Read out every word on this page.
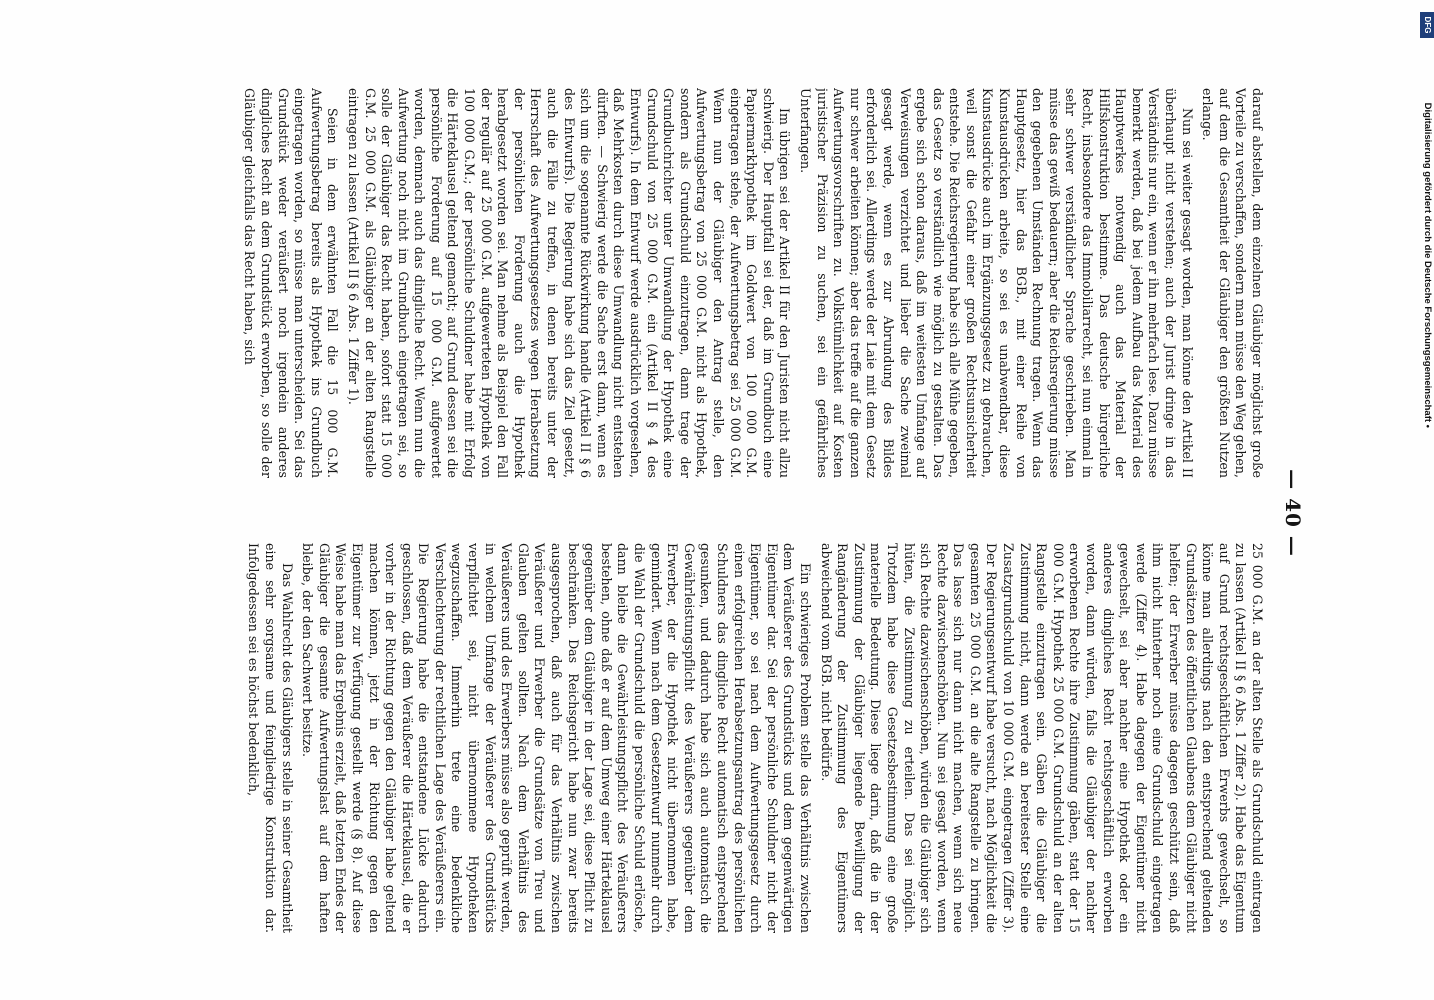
— 40 —

darauf abstellen, dem einzelnen Gläubiger möglichst große Vorteile zu verschaffen, sondern man müsse den Weg gehen, auf dem die Gesamtheit der Gläubiger den größten Nutzen erlange.

Nun sei weiter gesagt worden, man könne den Artikel II überhaupt nicht verstehen; auch der Jurist dringe in das Verständnis nur ein, wenn er ihn mehrfach lese. Dazu müsse bemerkt werden, daß bei jedem Aufbau das Material des Hauptwerkes notwendig auch das Material der Hilfskonstruktion bestimme. Das deutsche bürgerliche Recht, insbesondere das Immobiliarrecht, sei nun einmal in sehr schwer verständlicher Sprache geschrieben. Man müsse das gewiß bedauern; aber die Reichsregierung müsse den gegebenen Umständen Rechnung tragen. Wenn das Hauptgesetz, hier das BGB., mit einer Reihe von Kunstausdrücken arbeite, so sei es unabwendbar, diese Kunstausdrücke auch im Ergänzungsgesetz zu gebrauchen, weil sonst die Gefahr einer großen Rechtsunsicherheit entstehe. Die Reichsregierung habe sich alle Mühe gegeben, das Gesetz so verständlich wie möglich zu gestalten. Das ergebe sich schon daraus, daß im weitesten Umfange auf Verweisungen verzichtet und lieber die Sache zweimal gesagt werde, wenn es zur Abrundung des Bildes erforderlich sei. Allerdings werde der Laie mit dem Gesetz nur schwer arbeiten können; aber das treffe auf die ganzen Aufwertungsvorschriften zu. Volkstümlichkeit auf Kosten juristischer Präzision zu suchen, sei ein gefährliches Unterfangen.

Im übrigen sei der Artikel II für den Juristen nicht allzu schwierig. Der Hauptfall sei der, daß im Grundbuch eine Papiermarkhypothek im Goldwert von 100 000 G.M. eingetragen stehe, der Aufwertungsbetrag sei 25 000 G.M. Wenn nun der Gläubiger den Antrag stelle, den Aufwertungsbetrag von 25 000 G.M. nicht als Hypothek, sondern als Grundschuld einzutragen, dann trage der Grundbuchrichter unter Umwandlung der Hypothek eine Grundschuld von 25 000 G.M. ein (Artikel II § 4 des Entwurfs). In dem Entwurf werde ausdrücklich vorgesehen, daß Mehrkosten durch diese Umwandlung nicht entstehen dürften. — Schwierig werde die Sache erst dann, wenn es sich um die sogenannte Rückwirkung handle (Artikel II § 6 des Entwurfs). Die Regierung habe sich das Ziel gesetzt, auch die Fälle zu treffen, in denen bereits unter der Herrschaft des Aufwertungsgesetzes wegen Herabsetzung der persönlichen Forderung auch die Hypothek herabgesetzt worden sei. Man nehme als Beispiel den Fall der regulär auf 25 000 G.M. aufgewerteten Hypothek von 100 000 G.M.; der persönliche Schuldner habe mit Erfolg die Härteklausel geltend gemacht; auf Grund dessen sei die persönliche Forderung auf 15 000 G.M. aufgewertet worden, demnach auch das dingliche Recht. Wenn nun die Aufwertung noch nicht im Grundbuch eingetragen sei, so solle der Gläubiger das Recht haben, sofort statt 15 000 G.M. 25 000 G.M. als Gläubiger an der alten Rangstelle eintragen zu lassen (Artikel II § 6 Abs. 1 Ziffer 1).

Seien in dem erwähnten Fall die 15 000 G.M. Aufwertungsbetrag bereits als Hypothek ins Grundbuch eingetragen worden, so müsse man unterscheiden. Sei das Grundstück weder veräußert noch irgendein anderes dingliches Recht an dem Grundstück erworben, so solle der Gläubiger gleichfalls das Recht haben, sich

25 000 G.M. an der alten Stelle als Grundschuld eintragen zu lassen (Artikel II § 6 Abs. 1 Ziffer 2). Habe das Eigentum auf Grund rechtsgeschäftlichen Erwerbs gewechselt, so könne man allerdings nach den entsprechend geltenden Grundsätzen des öffentlichen Glaubens dem Gläubiger nicht helfen; der Erwerber müsse dagegen geschützt sein, daß ihm nicht hinterher noch eine Grundschuld eingetragen werde (Ziffer 4). Habe dagegen der Eigentümer nicht gewechselt, sei aber nachher eine Hypothek oder ein anderes dingliches Recht rechtsgeschäftlich erworben worden, dann würden, falls die Gläubiger der nachher erworbenen Rechte ihre Zustimmung gäben, statt der 15 000 G.M. Hypothek 25 000 G.M. Grundschuld an der alten Rangstelle einzutragen sein. Gäben die Gläubiger die Zustimmung nicht, dann werde an bereitester Stelle eine Zusatzgrundschuld von 10 000 G.M. eingetragen (Ziffer 3). Der Regierungsentwurf habe versucht, nach Möglichkeit die gesamten 25 000 G.M. an die alte Rangstelle zu bringen. Das lasse sich nur dann nicht machen, wenn sich neue Rechte dazwischenschöben. Nun sei gesagt worden, wenn sich Rechte dazwischenschöben, würden die Gläubiger sich hüten, die Zustimmung zu erteilen. Das sei möglich. Trotzdem habe diese Gesetzesbestimmung eine große materielle Bedeutung. Diese liege darin, daß die in der Zustimmung der Gläubiger liegende Bewilligung der Rangänderung der Zustimmung des Eigentümers abweichend vom BGB. nicht bedürfe.

Ein schwieriges Problem stelle das Verhältnis zwischen dem Veräußerer des Grundstücks und dem gegenwärtigen Eigentümer dar. Sei der persönliche Schuldner nicht der Eigentümer, so sei nach dem Aufwertungsgesetz durch einen erfolgreichen Herabsetzungsantrag des persönlichen Schuldners das dingliche Recht automatisch entsprechend gesunken, und dadurch habe sich auch automatisch die Gewährleistungspflicht des Veräußerers gegenüber dem Erwerber, der die Hypothek nicht übernommen habe, gemindert. Wenn nach dem Gesetzentwurf nunmehr durch die Wahl der Grundschuld die persönliche Schuld erlösche, dann bleibe die Gewährleistungspflicht des Veräußerers bestehen, ohne daß er auf dem Umweg einer Härteklausel gegenüber dem Gläubiger in der Lage sei, diese Pflicht zu beschränken. Das Reichsgericht habe nun zwar bereits ausgesprochen, daß auch für das Verhältnis zwischen Veräußerer und Erwerber die Grundsätze von Treu und Glauben gelten sollten. Nach dem Verhältnis des Veräußerers und des Erwerbers müsse also geprüft werden, in welchem Umfange der Veräußerer des Grundstücks verpflichtet sei, nicht übernommene Hypotheken wegzuschaffen. Immerhin trete eine bedenkliche Verschlechterung der rechtlichen Lage des Veräußerers ein. Die Regierung habe die entstandene Lücke dadurch geschlossen, daß dem Veräußerer die Härteklausel, die er vorher in der Richtung gegen den Gläubiger habe geltend machen können, jetzt in der Richtung gegen den Eigentümer zur Verfügung gestellt werde (§ 8). Auf diese Weise habe man das Ergebnis erzielt, daß letzten Endes der Gläubiger die gesamte Aufwertungslast auf dem haften bleibe, der den Sachwert besitze.

Das Wahlrecht des Gläubigers stelle in seiner Gesamtheit eine sehr sorgsame und feingliedrige Konstruktion dar. Infolgedessen sei es höchst bedenklich,

DFG
Digitalisierung gefördert durch die Deutsche Forschungsgemeinschaft •
